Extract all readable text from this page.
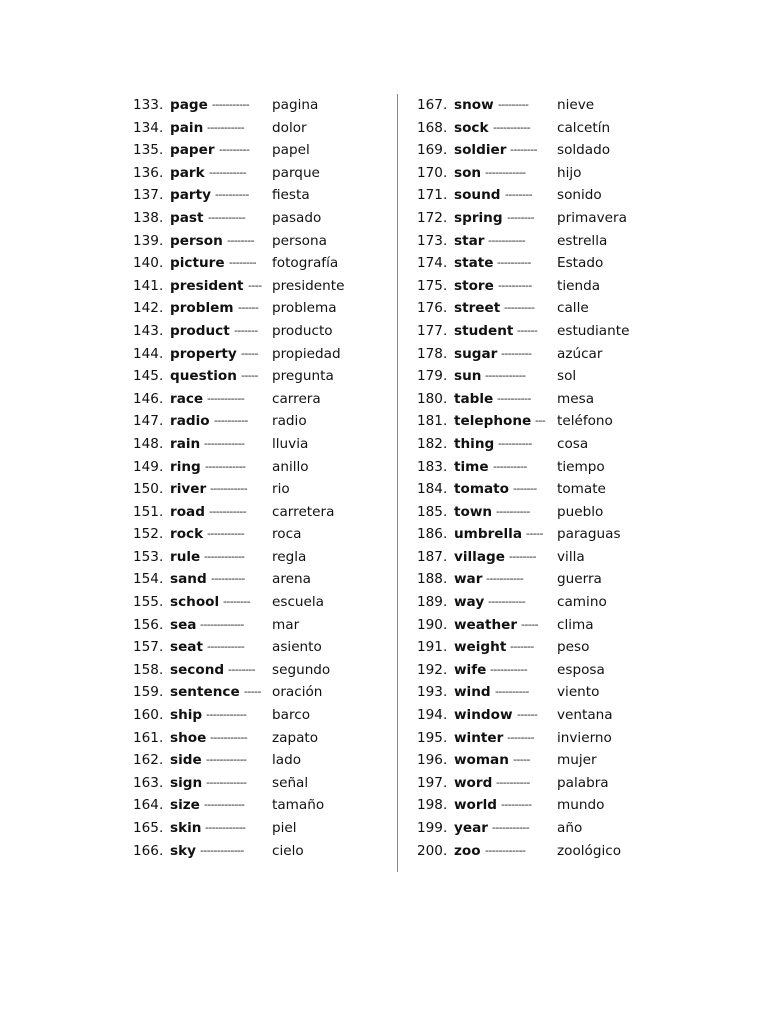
133. page -----------	pagina
134. pain -----------	dolor
135. paper ---------	papel
136. park -----------	parque
137. party ----------	fiesta
138. past -----------	pasado
139. person --------	persona
140. picture --------	fotografía
141. president ---- presidente
142. problem ------	problema
143. product -------	producto
144. property -----	propiedad
145. question -----	pregunta
146. race -----------	carrera
147. radio ----------	radio
148. rain ------------	lluvia
149. ring ------------	anillo
150. river -----------	rio
151. road -----------	carretera
152. rock -----------	roca
153. rule ------------	regla
154. sand ----------	arena
155. school --------	escuela
156. sea -------------	mar
157. seat -----------	asiento
158. second --------	segundo
159. sentence ----- oración
160. ship ------------	barco
161. shoe -----------	zapato
162. side ------------	lado
163. sign ------------	señal
164. size ------------	tamaño
165. skin ------------	piel
166. sky -------------	cielo
167. snow ---------	nieve
168. sock -----------	calcetín
169. soldier --------	soldado
170. son ------------	hijo
171. sound --------	sonido
172. spring --------	primavera
173. star -----------	estrella
174. state ----------	Estado
175. store ----------	tienda
176. street ---------	calle
177. student ------	estudiante
178. sugar ---------	azúcar
179. sun ------------	sol
180. table ----------	mesa
181. telephone --- teléfono
182. thing ----------	cosa
183. time ----------	tiempo
184. tomato -------	tomate
185. town ----------	pueblo
186. umbrella -----	paraguas
187. village --------	villa
188. war -----------	guerra
189. way -----------	camino
190. weather -----	clima
191. weight -------	peso
192. wife -----------	esposa
193. wind ----------	viento
194. window ------	ventana
195. winter --------	invierno
196. woman -----	mujer
197. word ----------	palabra
198. world ---------	mundo
199. year -----------	año
200. zoo ------------	zoológico
